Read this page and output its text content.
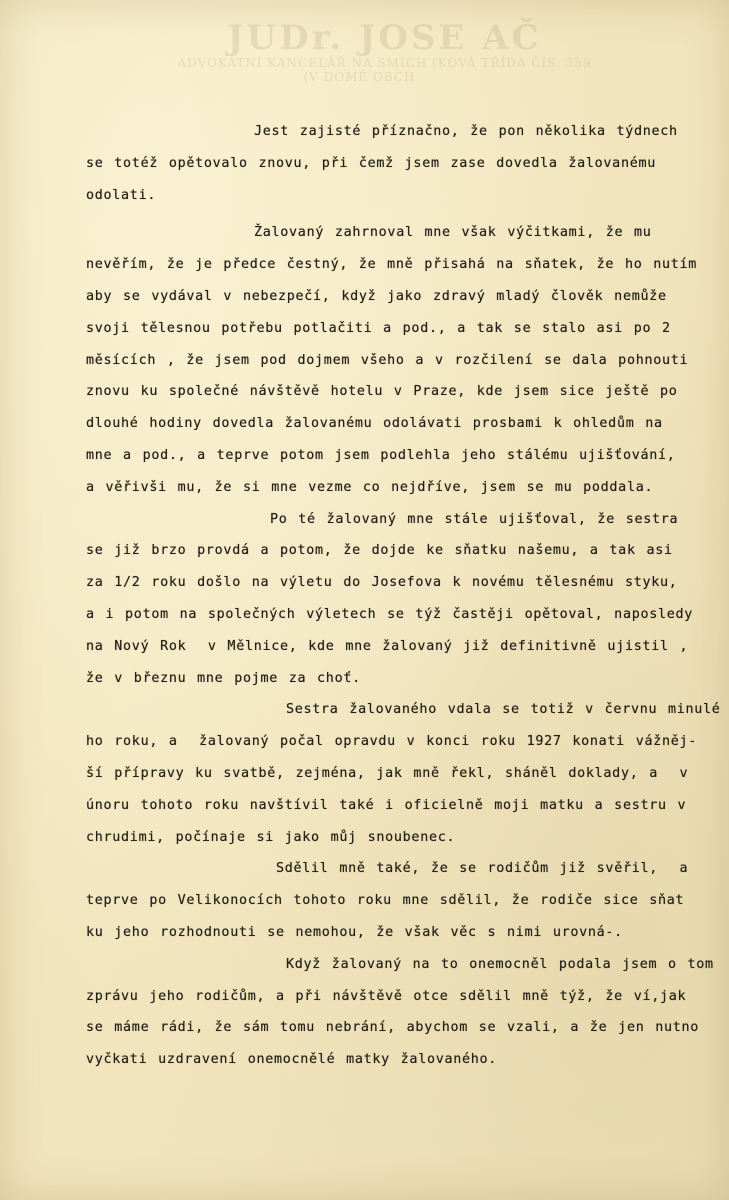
JUDr. JOSE AČ
ADVOKÁTNÍ KANCELÁŘ NA SMÍCH (KOVÁ TŘÍDA ČÍS. 359
(V DOMĚ OBCH
Jest zajisté příznačno, že pon několika týdnech
se totéž opětovalo znovu, při čemž jsem zase dovedla žalovanému
odolati.
Žalovaný zahrnoval mne však výčitkami, že mu
nevěřím, že je předce čestný, že mně přisahá na sňatek, že ho nutím
aby se vydával v nebezpečí, když jako zdravý mladý člověk nemůže
svoji tělesnou potřebu potlačiti a pod., a tak se stalo asi po 2
měsících , že jsem pod dojmem všeho a v rozčilení se dala pohnouti
znovu ku společné návštěvě hotelu v Praze, kde jsem sice ještě po
dlouhé hodiny dovedla žalovanému odolávati prosbami k ohledům na
mne a pod., a teprve potom jsem podlehla jeho stálému ujišťování,
a věřivši mu, že si mne vezme co nejdříve, jsem se mu poddala.
Po té žalovaný mne stále ujišťoval, že sestra
se již brzo provdá a potom, že dojde ke sňatku našemu, a tak asi
za 1/2 roku došlo na výletu do Josefova k novému tělesnému styku,
a i potom na společných výletech se týž častěji opětoval, naposledy
na Nový Rok  v Mělnice, kde mne žalovaný již definitivně ujistil ,
že v březnu mne pojme za choť.
Sestra žalovaného vdala se totiž v červnu minulé
ho roku, a  žalovaný počal opravdu v konci roku 1927 konati vážněj-
ší přípravy ku svatbě, zejména, jak mně řekl, sháněl doklady, a  v
únoru tohoto roku navštívil také i oficielně moji matku a sestru v
chrudimi, počínaje si jako můj snoubenec.
Sdělil mně také, že se rodičům již svěřil,  a
teprve po Velikonocích tohoto roku mne sdělil, že rodiče sice sňat
ku jeho rozhodnouti se nemohou, že však věc s nimi urovná-.
Když žalovaný na to onemocněl podala jsem o tom
zprávu jeho rodičům, a při návštěvě otce sdělil mně týž, že ví,jak
se máme rádi, že sám tomu nebrání, abychom se vzali, a že jen nutno
vyčkati uzdravení onemocnělé matky žalovaného.
